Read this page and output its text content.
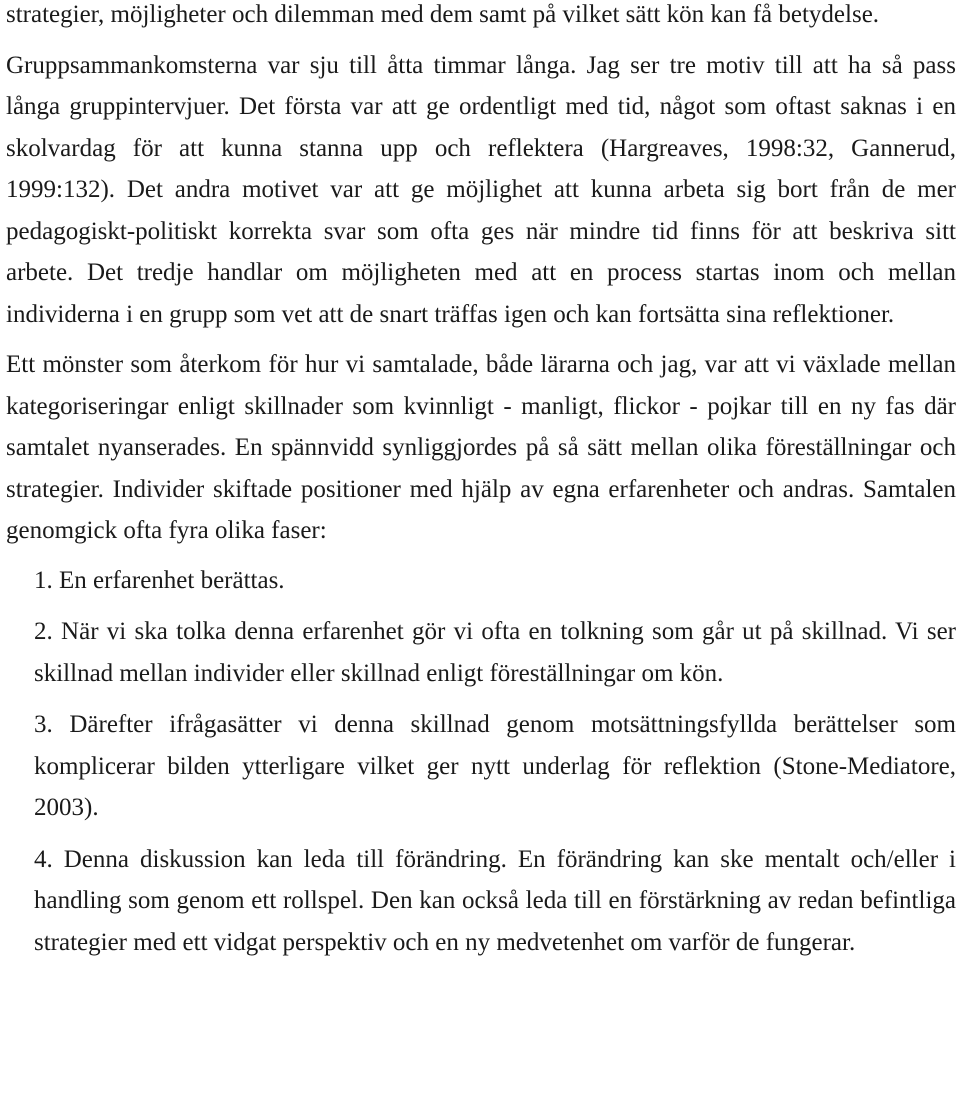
strategier, möjligheter och dilemman med dem samt på vilket sätt kön kan få betydelse.

Gruppsammankomsterna var sju till åtta timmar långa. Jag ser tre motiv till att ha så pass långa gruppintervjuer. Det första var att ge ordentligt med tid, något som oftast saknas i en skolvardag för att kunna stanna upp och reflektera (Hargreaves, 1998:32, Gannerud, 1999:132). Det andra motivet var att ge möjlighet att kunna arbeta sig bort från de mer pedagogiskt-politiskt korrekta svar som ofta ges när mindre tid finns för att beskriva sitt arbete. Det tredje handlar om möjligheten med att en process startas inom och mellan individerna i en grupp som vet att de snart träffas igen och kan fortsätta sina reflektioner.

Ett mönster som återkom för hur vi samtalade, både lärarna och jag, var att vi växlade mellan kategoriseringar enligt skillnader som kvinnligt - manligt, flickor - pojkar till en ny fas där samtalet nyanserades. En spännvidd synliggjordes på så sätt mellan olika föreställningar och strategier. Individer skiftade positioner med hjälp av egna erfarenheter och andras. Samtalen genomgick ofta fyra olika faser:

1. En erfarenhet berättas.

2. När vi ska tolka denna erfarenhet gör vi ofta en tolkning som går ut på skillnad. Vi ser skillnad mellan individer eller skillnad enligt föreställningar om kön.

3. Därefter ifrågasätter vi denna skillnad genom motsättningsfyllda berättelser som komplicerar bilden ytterligare vilket ger nytt underlag för reflektion (Stone-Mediatore, 2003).

4. Denna diskussion kan leda till förändring. En förändring kan ske mentalt och/eller i handling som genom ett rollspel. Den kan också leda till en förstärkning av redan befintliga strategier med ett vidgat perspektiv och en ny medvetenhet om varför de fungerar.
